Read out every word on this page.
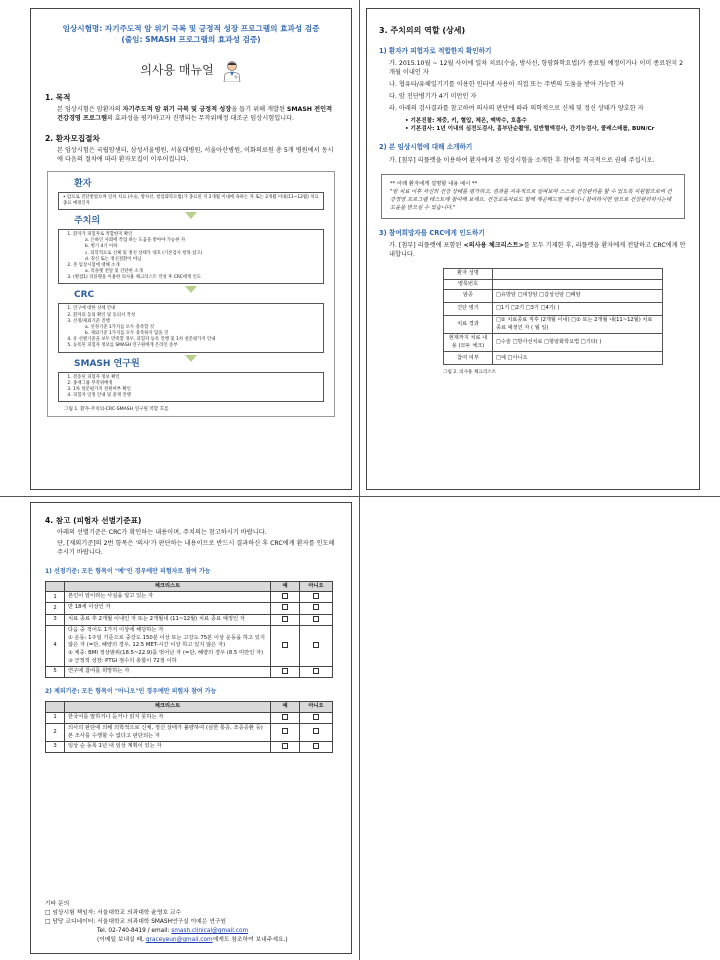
임상시험명: 자기주도적 암 위기 극복 및 긍정적 성장 프로그램의 효과성 검증
(줄임: SMASH 프로그램의 효과성 검증)
의사용 매뉴얼
1. 목적

본 임상시험은 암환자의 자기주도적 암 위기 극복 및 긍정적 성장을 돕기 위해 개발된 SMASH 전인적 건강경영 프로그램의 효과성을 평가하고자 진행되는 무작위배정 대조군 임상시험입니다.

2. 환자모집절차

본 임상시험은 국립암센터, 삼성서울병원, 서울대병원, 서울아산병원, 이화의료원 총 5개 병원에서 동시에 다음의 절차에 따라 환자모집이 이루어집니다.

환자
• 암으로 진단받았으며 일차 치료 (수술, 방사선, 항암화학요법)가 종료된 지 2개월 이내에 속하는 자 또는 2개월 이내(11~12월) 치료종료 예정인자
주치의
1. 환자가 피험자로 적합한지 확인
a. 은하인 사회에 작업 하는 도움을 받아야 가능한 자
b. 병기 4기 이하
c. 의학적으로 신체 및 정신 상태가 양호 (기본검사 항목 참고)
d. 정신 또는 정신질환이 아님
2. 본 임상시험에 대해 소개
a. 리플렛 전달 및 간단한 소개
3. (별첨1) 리플렛을 이용한 의사용 체크리스트 작성 후 CRC에게 인도
CRC
1. 연구에 대한 상세 안내
2. 환자의 동의 확인 및 동의서 작성
3. 선정/제외기준 진행
a. 선정기준 1가지를 모두 충족할 것
b. 제외기준 1가지를 모두 충족하지 않을 것
4. 유 선별기준을 보두 만족할 경우, 피험자 등록 진행 및 1차 설문평가지 안내
5. 등록된 피험자 정보를 SMASH 연구원에게 온라인 송부
SMASH 연구원
1. 전송된 피험자 정보 확인
2. 종재그룹 무작위배정
3. 1차 설문평가지 전원여부 확인
4. 피험자 일정 안내 및 중재 진행
그림 1. 환자-주치의-CRC-SMASH 연구원 역할 흐름
3. 주치의의 역할 (상세)
1) 환자가 피험자로 적합한지 확인하기
가. 2015.10월 ~ 12월 사이에 일차 치료(수술, 방사선, 항암화학요법)가 종료될 예정이거나 이미 종료된지 2개월 이내인 자
나. 협유타/유해일기기를 이용한 인터넷 사용이 직접 또는 주변의 도움을 받아 가능한 자
다. 암 진단병기가 4기 미만인 자
라. 아래의 검사결과를 참고하여 의사의 판단에 따라 의학적으로 신체 및 정신 상태가 양호한 자
• 기본진찰: 체중, 키, 혈압, 체온, 맥박수, 호흡수
• 기본검사: 1년 이내의 심전도검사, 흉부단순촬영, 일반혈액검사, 간기능검사, 콜레스테롤, BUN/Cr
2) 본 임상시험에 대해 소개하기
가. [첨부] 리플렛을 이용하여 환자에게 본 임상시험을 소개한 후 참여를 적극적으로 권해 주십시오.
** 아래 환자에게 설명할 내용 예시 **
"암 치료 이후 자신의 건강 상태를 평가하고, 결과를 지속적으로 살펴보며 스스로 건강관리를 할 수 있도록 지원함으로써 건강경영 프로그램 테스트에 참여해 보세요. 건강교육자료도 함께 제공해드릴 예정이니 참여하시면 암으로 건강관리하시는데 도움을 받으실 수 있습니다."
3) 참여희망자를 CRC에게 인도하기
가. [첨부] 리플렛에 포함된 <의사용 체크리스트>를 모두 기재한 후, 리플렛을 환자에게 전달하고 CRC에게 안내합니다.
환자 성명	
병록번호	
암종	□유방암 □대장암 □갑상선암 □폐암
진단 병기	□1기 □2기 □3기 □4기( )
치료 경과	□① 치료종료 직후 (2개월 이내) □② 또는 2개월 내(11~12월) 치료 종료 예정인 자 ( 월 일)
현재까지 치료 내용 (모두 체크)	□수술 □방사선치료 □항암화학요법 □기타( )
참여 여부	□예 □아니오
그림 2. 의사용 체크리스트
4. 참고 (피험자 선별기준표)

아래의 선별기준은 CRC가 확인하는 내용이며, 주치의는 참고하시기 바랍니다.

단, [제외기준]의 2번 항목은 '의사'가 판단하는 내용이므로 반드시 결과하신 후 CRC에게 환자를 인도해주시기 바랍니다.

1) 선정기준: 모든 항목이 "예"인 경우에만 피험자로 참여 가능
	체크리스트	예	아니오
1	본인이 암이라는 사실을 알고 있는 자		
2	만 18세 이상인 자		
3	치료 종료 후 2개월 이내인 자 또는 2개월내 (11~12월) 치료 종료 예정인 자		
4	다음 중 적어도 1가지 이상에 해당하는 자
① 운동: 1주일 기준으로 중강도 150분 이상 또는 고강도 75분 이상 운동을 하고 있지 않은 자 (=단, 혜양의 경우, 12.5 MET-시간 이상 하고 있지 않은 자)
② 체중: BMI 정상범위(18.5~22.9)를 벗어난 자 (=단, 혜양의 경우 (8.5 미만인 자)
③ 긍정적 성장: PTGI 점수의 총합이 72점 이하		
5	연구에 참여를 희망하는 자		
2) 제외기준: 모든 항목이 "아니오"인 경우에만 피험자 참여 가능
	체크리스트	예	아니오
1	한국어를 말하거나 듣거나 읽지 못하는 자		
2	의사의 판단에 의해 의학적으로 신체, 정신 상태가 불량하여 (심한 통증, 조증증환 등) 본 조사를 수행할 수 없다고 판단되는 자		
3	임상 순 동록 1년 내 임상 계획이 있는 자		
기타 문의
□ 임상시험 책임자: 서울대학교 의과대학 윤영호 교수
□ 담당 코디네이터: 서울대학교 의과대학 SMASH연구실 이예은 연구원
Tel. 02-740-8419 / email: smash.clinical@gmail.com
(이메일 보내실 때, graceyeun@gmail.com에게도 참조하여 보내주세요.)
